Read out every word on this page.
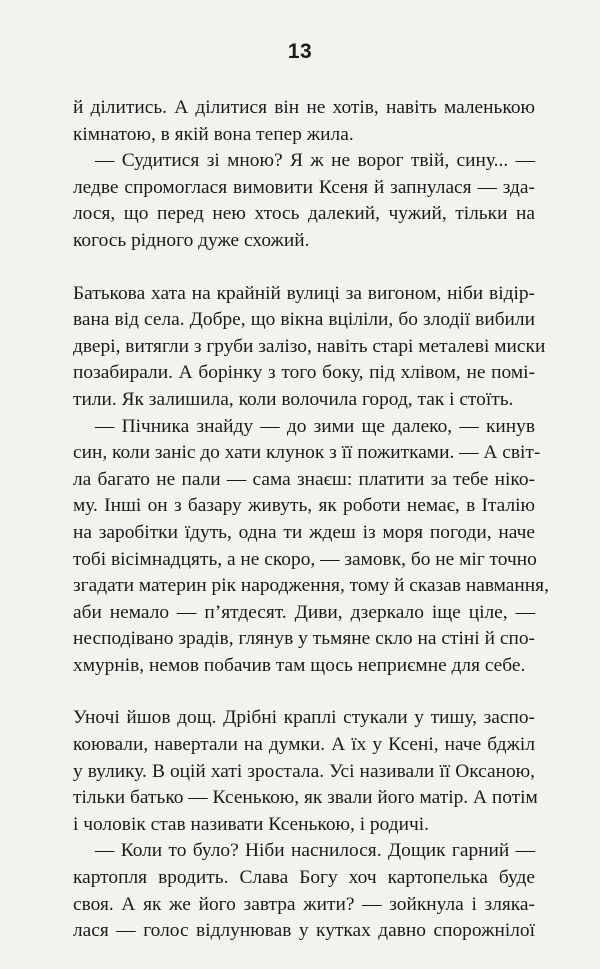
13
й ділитись. А ділитися він не хотів, навіть маленькою
кімнатою, в якій вона тепер жила.
— Судитися зі мною? Я ж не ворог твій, сину... —
ледве спромоглася вимовити Ксеня й запнулася — зда-
лося, що перед нею хтось далекий, чужий, тільки на
когось рідного дуже схожий.
Батькова хата на крайній вулиці за вигоном, ніби відір-
вана від села. Добре, що вікна вціліли, бо злодії вибили
двері, витягли з груби залізо, навіть старі металеві миски
позабирали. А борінку з того боку, під хлівом, не помі-
тили. Як залишила, коли волочила город, так і стоїть.
— Пічника знайду — до зими ще далеко, — кинув
син, коли заніс до хати клунок з її пожитками. — А світ-
ла багато не пали — сама знаєш: платити за тебе ніко-
му. Інші он з базару живуть, як роботи немає, в Італію
на заробітки їдуть, одна ти ждеш із моря погоди, наче
тобі вісімнадцять, а не скоро, — замовк, бо не міг точно
згадати материн рік народження, тому й сказав навмання,
аби немало — п’ятдесят. Диви, дзеркало іще ціле, —
несподівано зрадів, глянув у тьмяне скло на стіні й спо-
хмурнів, немов побачив там щось неприємне для себе.
Уночі йшов дощ. Дрібні краплі стукали у тишу, заспо-
коювали, навертали на думки. А їх у Ксені, наче бджіл
у вулику. В оцій хаті зростала. Усі називали її Оксаною,
тільки батько — Ксенькою, як звали його матір. А потім
і чоловік став називати Ксенькою, і родичі.
— Коли то було? Ніби наснилося. Дощик гарний —
картопля вродить. Слава Богу хоч картопелька буде
своя. А як же його завтра жити? — зойкнула і зляка-
лася — голос відлунював у кутках давно спорожнілої
